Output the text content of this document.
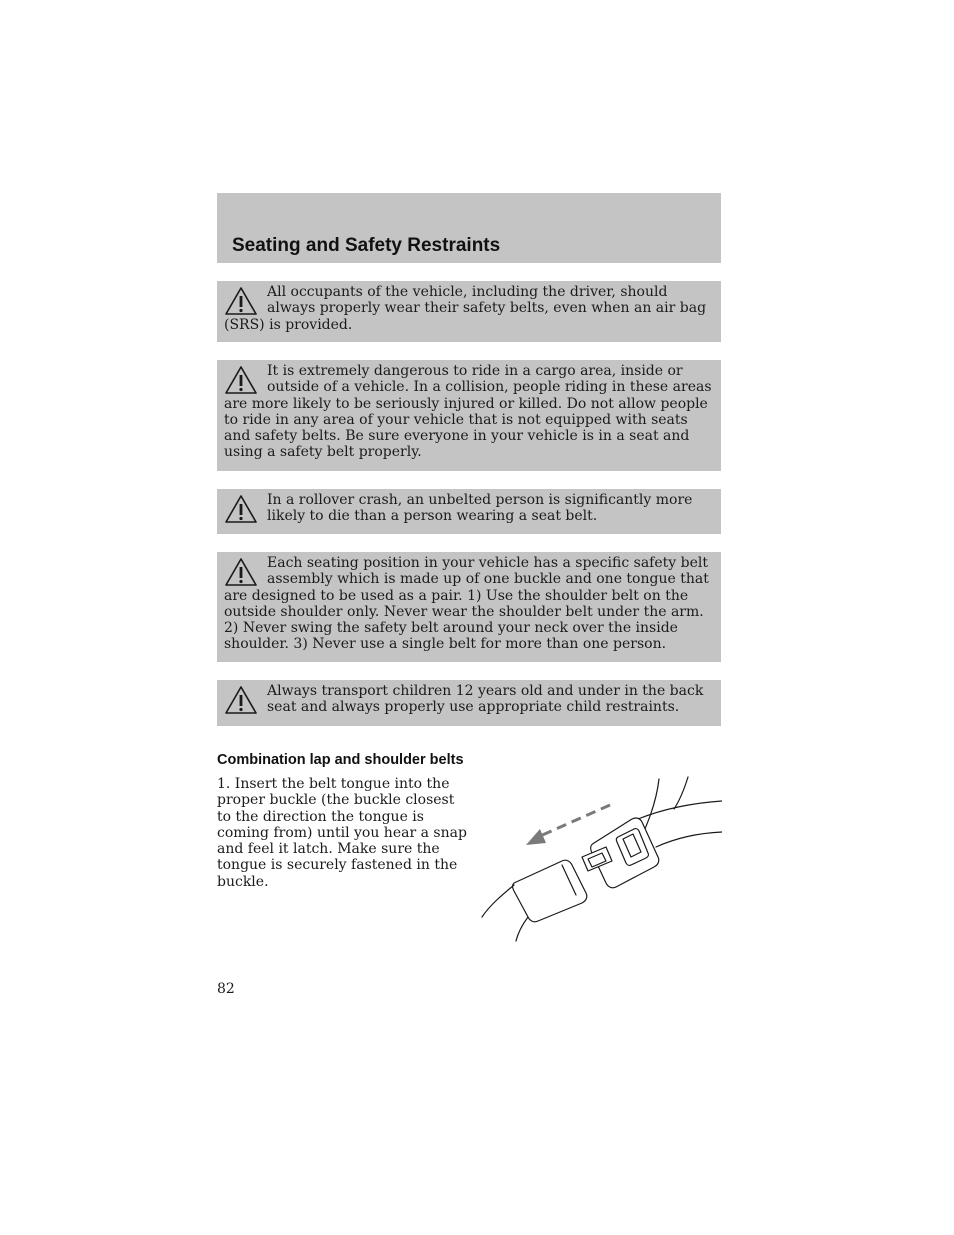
Seating and Safety Restraints
All occupants of the vehicle, including the driver, should always properly wear their safety belts, even when an air bag (SRS) is provided.
It is extremely dangerous to ride in a cargo area, inside or outside of a vehicle. In a collision, people riding in these areas are more likely to be seriously injured or killed. Do not allow people to ride in any area of your vehicle that is not equipped with seats and safety belts. Be sure everyone in your vehicle is in a seat and using a safety belt properly.
In a rollover crash, an unbelted person is significantly more likely to die than a person wearing a seat belt.
Each seating position in your vehicle has a specific safety belt assembly which is made up of one buckle and one tongue that are designed to be used as a pair. 1) Use the shoulder belt on the outside shoulder only. Never wear the shoulder belt under the arm. 2) Never swing the safety belt around your neck over the inside shoulder. 3) Never use a single belt for more than one person.
Always transport children 12 years old and under in the back seat and always properly use appropriate child restraints.
Combination lap and shoulder belts

1. Insert the belt tongue into the proper buckle (the buckle closest to the direction the tongue is coming from) until you hear a snap and feel it latch. Make sure the tongue is securely fastened in the buckle.

82
